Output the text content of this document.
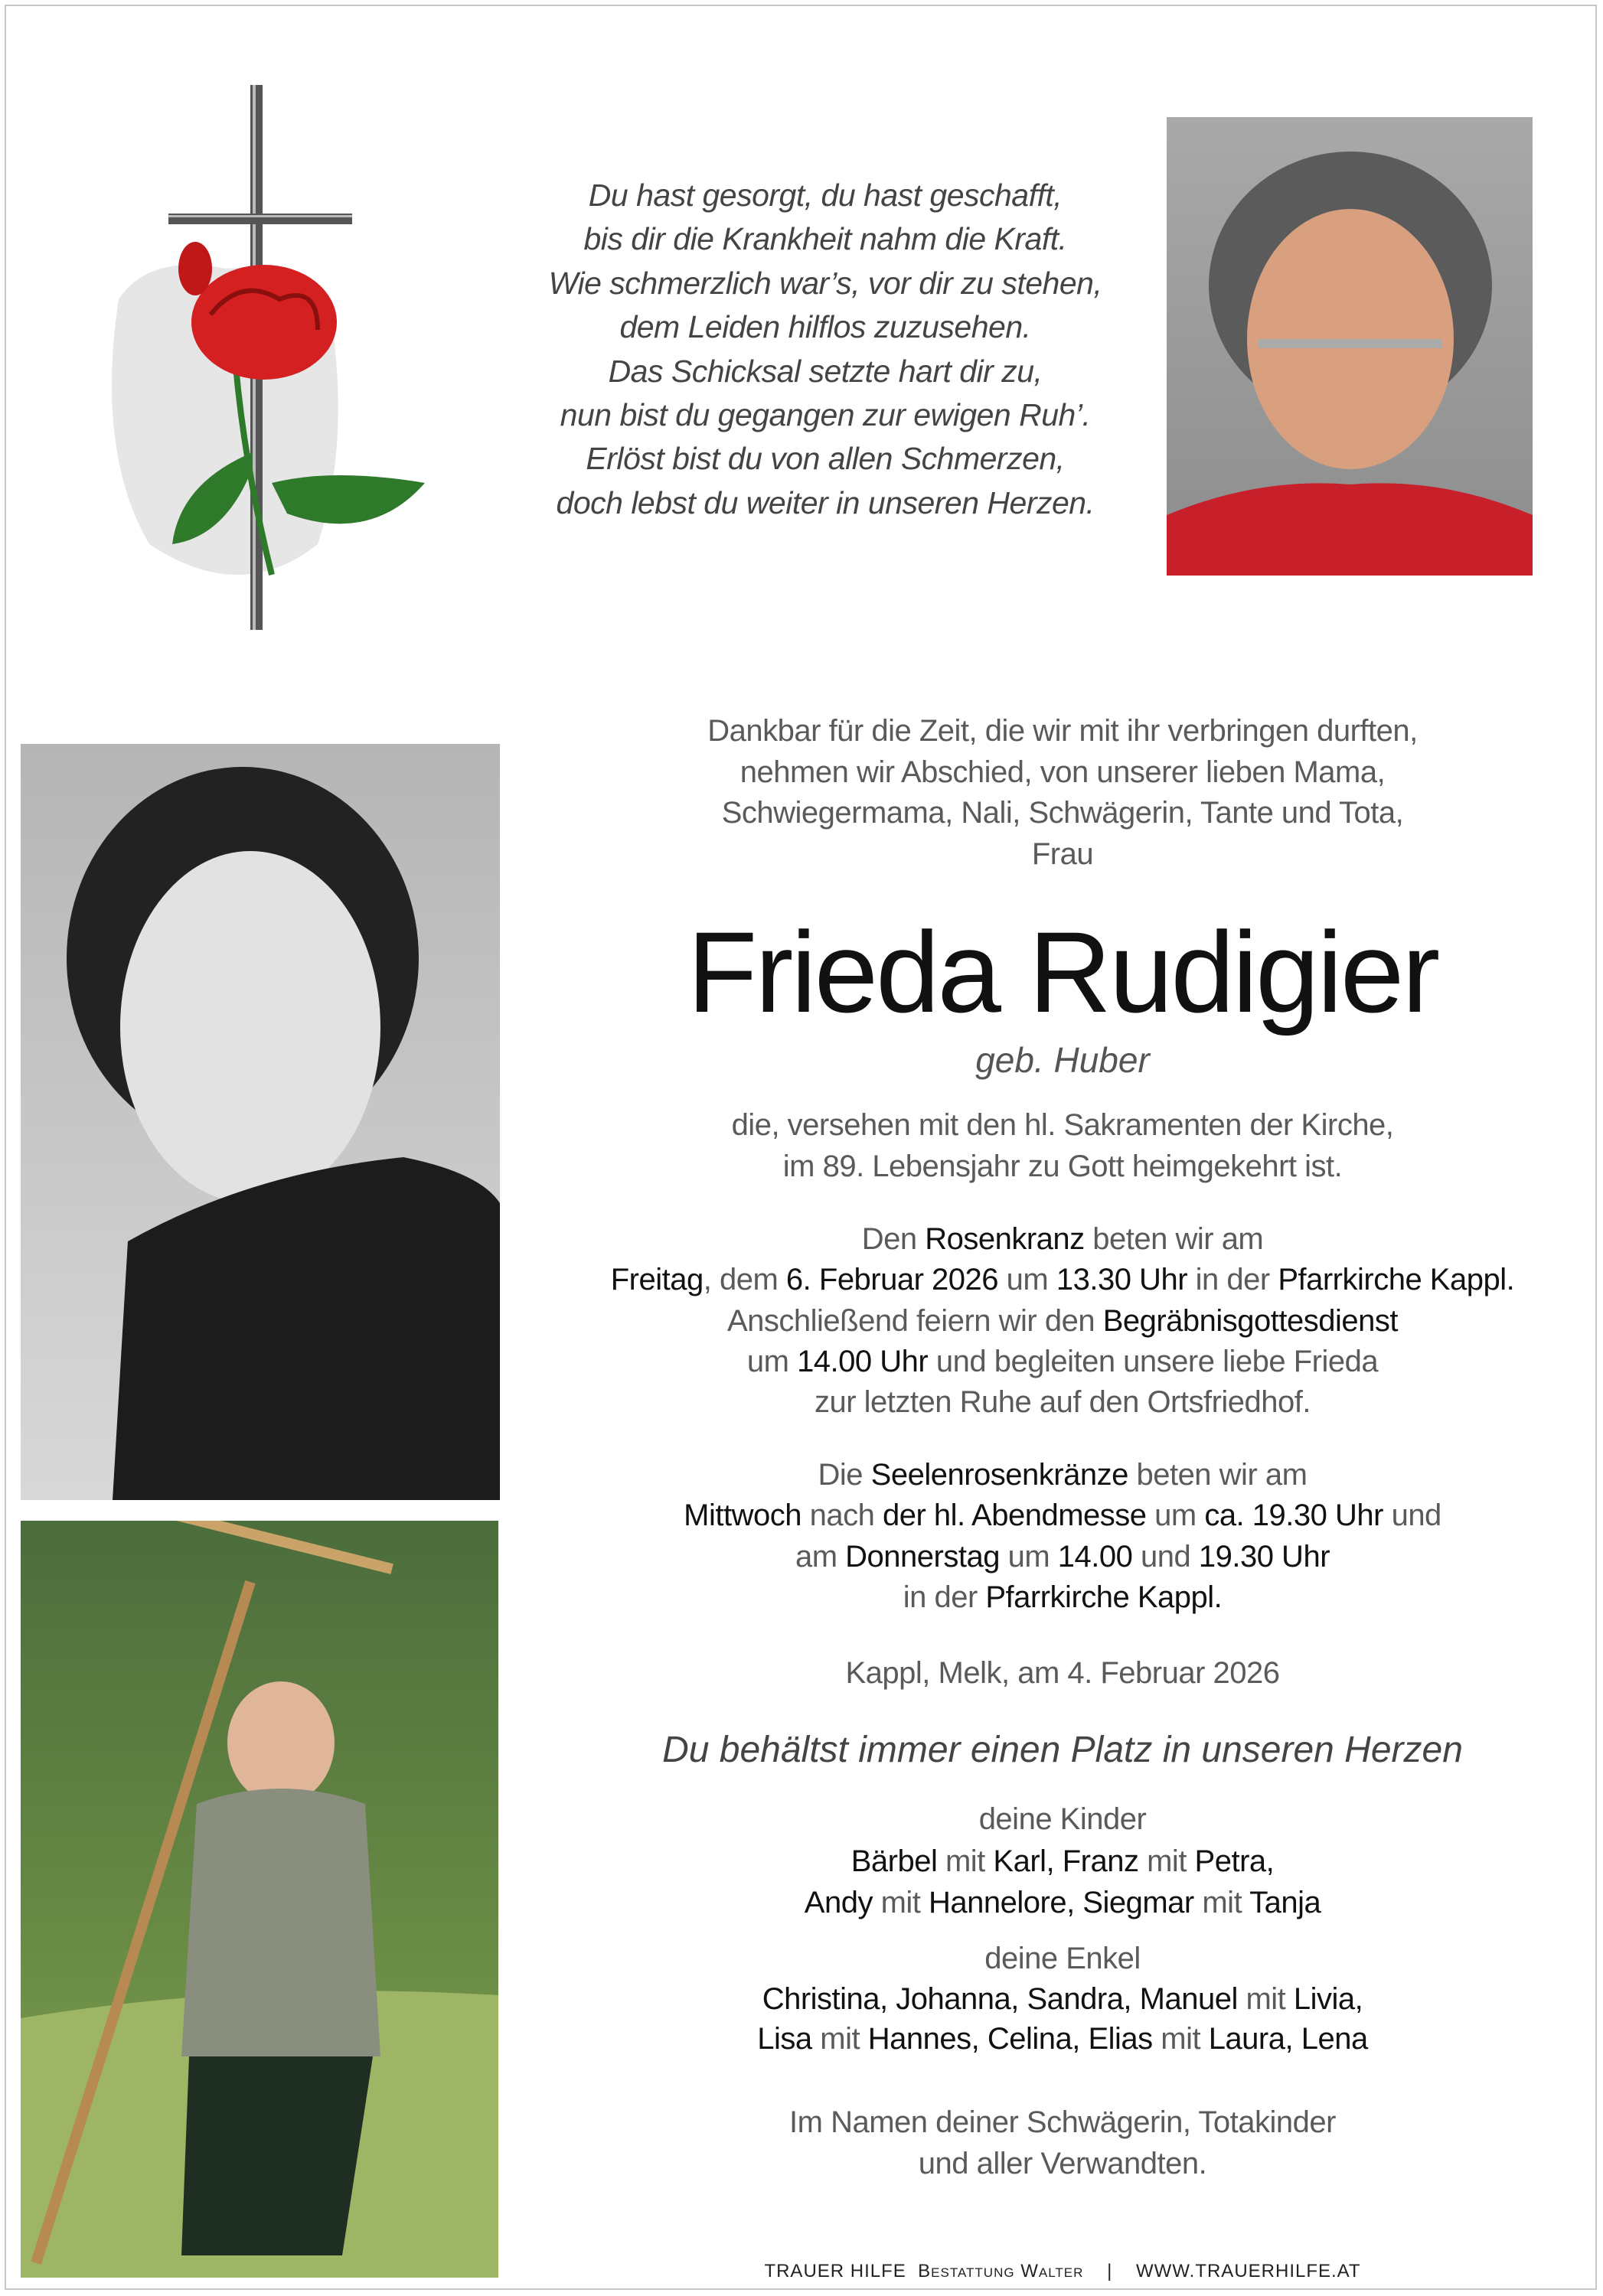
Du hast gesorgt, du hast geschafft,
bis dir die Krankheit nahm die Kraft.
Wie schmerzlich war’s, vor dir zu stehen,
dem Leiden hilflos zuzusehen.
Das Schicksal setzte hart dir zu,
nun bist du gegangen zur ewigen Ruh’.
Erlöst bist du von allen Schmerzen,
doch lebst du weiter in unseren Herzen.
Dankbar für die Zeit, die wir mit ihr verbringen durften,
nehmen wir Abschied, von unserer lieben Mama,
Schwiegermama, Nali, Schwägerin, Tante und Tota,
Frau
die, versehen mit den hl. Sakramenten der Kirche,
im 89. Lebensjahr zu Gott heimgekehrt ist.
Den Rosenkranz beten wir am
Freitag, dem 6. Februar 2026 um 13.30 Uhr in der Pfarrkirche Kappl.
Anschließend feiern wir den Begräbnisgottesdienst
um 14.00 Uhr und begleiten unsere liebe Frieda
zur letzten Ruhe auf den Ortsfriedhof.
Die Seelenrosenkränze beten wir am
Mittwoch nach der hl. Abendmesse um ca. 19.30 Uhr und
am Donnerstag um 14.00 und 19.30 Uhr
in der Pfarrkirche Kappl.
Kappl, Melk, am 4. Februar 2026
deine Kinder
Bärbel mit Karl, Franz mit Petra,
Andy mit Hannelore, Siegmar mit Tanja
deine Enkel
Christina, Johanna, Sandra, Manuel mit Livia,
Lisa mit Hannes, Celina, Elias mit Laura, Lena
Im Namen deiner Schwägerin, Totakinder
und aller Verwandten.
Frieda Rudigier
geb. Huber
Du behältst immer einen Platz in unseren Herzen
TRAUER HILFE Bestattung Walter | WWW.TRAUERHILFE.AT
